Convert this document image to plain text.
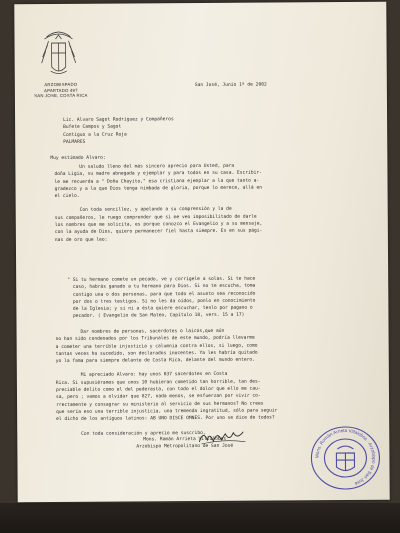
ARZOBISPADO
APARTADO 497
SAN JOSE, COSTA RICA
San José, Junio 1º de 2002
Lic. Alvaro Sagot Rodríguez y Compañeros
Bufete Campos y Sagot
Contiguo a la Cruz Roja
PALMARES
Muy estimado Alvaro:

Un saludo lleno del más sincero aprecio para Usted, para
doña Ligia, su madre abnegada y ejemplar y para todos en su casa. Escribir-
le me recuerda a " Doña Chayito," esa cristiana ejemplar a la que tanto a-
gradezco y a la que Dios tenga nimbada de gloria, porque lo merece, allá en
el cielo.

Con toda sencillez, y apelando a su comprensión y la de
sus compañeros, le ruego comprender que si me veo imposibilitado de darle
los nombres que me solicita, es porque conozco el Evangelio y a su mensaje,
con la ayuda de Dios, quiero permanecer fiel hasta siempre. Es en sus pági-
nas de oro que leo:

" Si tu hermano comete un pecado, ve y corrígele a solas. Si te hace
caso, habrás ganado a tu hermano para Dios. Si no te escucha, toma
contigo una o dos personas, para que todo el asunto sea reconocido
por dos o tres testigos. Si no les da oídos, ponlo en conocimiento
de la Iglesia; y si ni a ésta quiere escuchar, tenlo por pagano o
pecador. ( Evangelio de San Mateo, Capítulo 18, vers. 15 a 17)

Dar nombres de personas, sacerdotes o laicos,que aún
no han sido condenados por los Tribunales de este mundo, podría llevarme
a cometer una terrible injusticia y calumnia contra ellos, si luego, como
tantas veces ha sucedido, son declarados inocentes. Ya les habría quitado
yo la fama para siempre delante de Costa Rica, delante del mundo entero.

Mi apreciado Alvaro: hay unos 837 sacerdotes en Costa
Rica. Si supusiéramos que unos 10 hubieran cometido tan horrible, tan des-
preciable delito como el del pederasta, con todo el dolor que ello me cau-
sa, pero ; vamos a olvidar que 827, nada menos, se esfuerzan por vivir co-
rrectamente y consagrar su ministerio al servicio de sus hermanos? No crees
que sería eso una terrible injusticia, una tremenda ingratitud, sólo para seguir
el dicho de los antiguos latinos: AB UNO DISCE OMNES. Por uno se dice de todos?

Con toda consideración y aprecio me suscribo,

Mons. Román Arrieta Villalobos
Arzobispo Metropolitano de San José
Mons. Román Arrieta Villalobos · Arzobispo de San José
